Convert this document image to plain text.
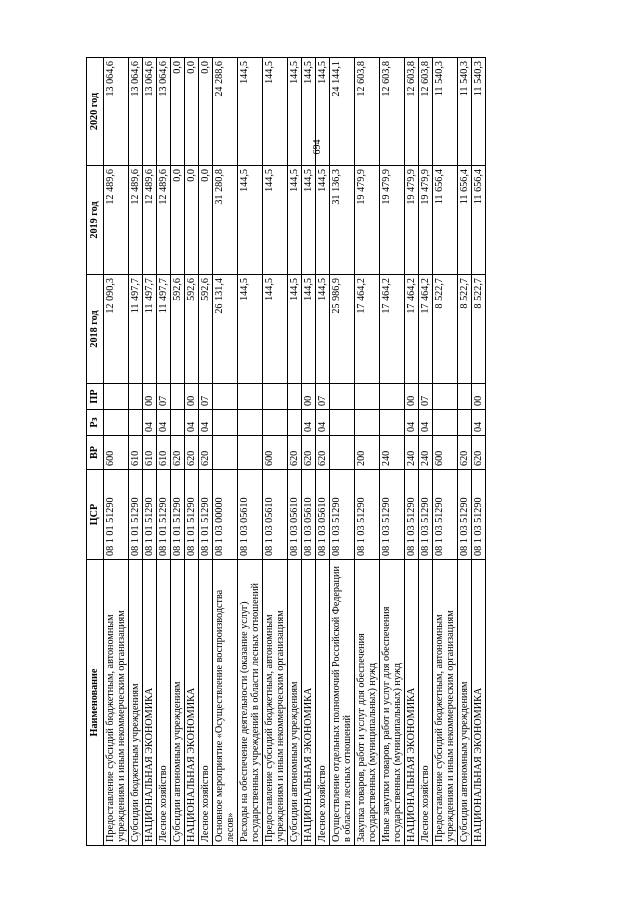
694
Наименование	ЦСР	ВР	Рз	ПР	2018 год	2019 год	2020 год
Предоставление субсидий бюджетным, автономным учреждениям и иным некоммерческим организациям	08 1 01 51290	600			12 090,3	12 489,6	13 064,6
Субсидии бюджетным учреждениям	08 1 01 51290	610			11 497,7	12 489,6	13 064,6
НАЦИОНАЛЬНАЯ ЭКОНОМИКА	08 1 01 51290	610	04	00	11 497,7	12 489,6	13 064,6
Лесное хозяйство	08 1 01 51290	610	04	07	11 497,7	12 489,6	13 064,6
Субсидии автономным учреждениям	08 1 01 51290	620			592,6	0,0	0,0
НАЦИОНАЛЬНАЯ ЭКОНОМИКА	08 1 01 51290	620	04	00	592,6	0,0	0,0
Лесное хозяйство	08 1 01 51290	620	04	07	592,6	0,0	0,0
Основное мероприятие «Осуществление воспроизводства лесов»	08 1 03 00000				26 131,4	31 280,8	24 288,6
Расходы на обеспечение деятельности (оказание услуг) государственных учреждений в области лесных отношений	08 1 03 05610				144,5	144,5	144,5
Предоставление субсидий бюджетным, автономным учреждениям и иным некоммерческим организациям	08 1 03 05610	600			144,5	144,5	144,5
Субсидии автономным учреждениям	08 1 03 05610	620			144,5	144,5	144,5
НАЦИОНАЛЬНАЯ ЭКОНОМИКА	08 1 03 05610	620	04	00	144,5	144,5	144,5
Лесное хозяйство	08 1 03 05610	620	04	07	144,5	144,5	144,5
Осуществление отдельных полномочий Российской Федерации в области лесных отношений	08 1 03 51290				25 986,9	31 136,3	24 144,1
Закупка товаров, работ и услуг для обеспечения государственных (муниципальных) нужд	08 1 03 51290	200			17 464,2	19 479,9	12 603,8
Иные закупки товаров, работ и услуг для обеспечения государственных (муниципальных) нужд	08 1 03 51290	240			17 464,2	19 479,9	12 603,8
НАЦИОНАЛЬНАЯ ЭКОНОМИКА	08 1 03 51290	240	04	00	17 464,2	19 479,9	12 603,8
Лесное хозяйство	08 1 03 51290	240	04	07	17 464,2	19 479,9	12 603,8
Предоставление субсидий бюджетным, автономным учреждениям и иным некоммерческим организациям	08 1 03 51290	600			8 522,7	11 656,4	11 540,3
Субсидии автономным учреждениям	08 1 03 51290	620			8 522,7	11 656,4	11 540,3
НАЦИОНАЛЬНАЯ ЭКОНОМИКА	08 1 03 51290	620	04	00	8 522,7	11 656,4	11 540,3
